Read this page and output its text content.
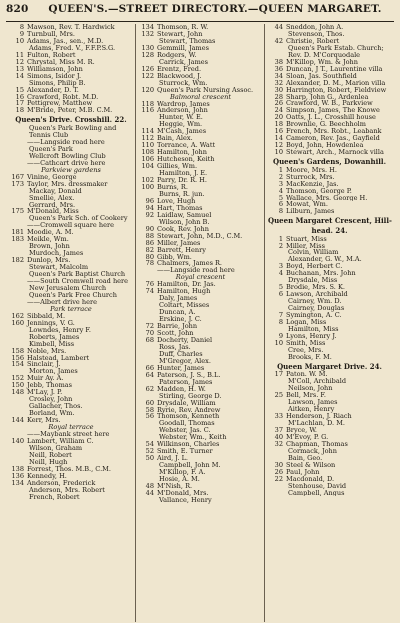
820	QUEEN'S.—STREET DIRECTORY.—QUEEN MARGARET.
8 Mawson, Rev. T. Hardwick
9 Turnbull, Mrs.
10 Adams, Jas., sen., M.D.
Adams, Fred. V., F.F.P.S.G.
11 Fulton, Robert
12 Chrystal, Miss M. R.
13 Williamson, John
14 Simons, Isidor J.
Simons, Philip B.
15 Alexander, D. T.
16 Crawford, Robt. M.D.
17 Pettigrew, Matthew
18 M'Bride, Peter, M.B. C.M.
Queen's Drive. Crosshill. 22.
Queen's Park Bowling and
Tennis Club
——Langside road here
Queen's Park
Wellcroft Bowling Club
——Cathcart drive here
Parkview gardens
167 Vinine, George
173 Taylor, Mrs. dressmaker
Mackay, Donald
Smellie, Alex.
Gerrard, Mrs.
175 M'Donald, Miss
Queen's Park Sch. of Cookery
——Cromwell square here
181 Moodie, A. M.
183 Meikle, Wm.
Brown, John
Murdoch, James
182 Dunlop, Mrs.
Stewart, Malcolm
Queen's Park Baptist Church
——South Cromwell road here
New Jerusalem Church
Queen's Park Free Church
——Albert drive here
Park terrace
162 Sibbald, M.
160 Jennings, V. G.
Lowndes, Henry F.
Roberts, James
Kimbell, Miss
158 Noble, Mrs.
156 Halstead, Lambert
154 Sinclair, J.
Morton, James
152 Muir Ay. A.
150 Jebb, Thomas
148 M'Lay, J. P.
Crosley, John
Gallacher, Thos.
Borland, Wm.
144 Kerr, Mrs.
Royal terrace
——Maybank street here
140 Lambert, William C.
Wilson, Graham
Neill, Robert
Neill, Hugh
138 Forrest, Thos. M.B., C.M.
136 Kennedy, H.
134 Anderson, Frederick
Anderson, Mrs. Robert
French, Robert
134 Thomson, R. W.
132 Stewart, John
Stewart, Thomas
130 Gemmill, James
128 Rodgers, W.
Carrick, James
126 Erentz, Fred.
122 Blackwood, J.
Sturrock, Wm.
120 Queen's Park Nursing Assoc.
Balmoral crescent
118 Wardrop, James
116 Anderson, John
Hunter, W. E.
Heggie, Wm.
114 M'Cash, James
112 Bain, Alex.
110 Torrance, A. Watt
108 Hamilton, John
106 Hutcheson, Keith
104 Gillies, Wm.
Hamilton, J. E.
102 Parry, Dr. R. H.
100 Burns, R.
Burns, R. jun.
96 Love, Hugh
94 Hart, Thomas
92 Laidlaw, Samuel
Wilson, John B.
90 Cook, Rev. John
88 Stewart, John, M.D., C.M.
86 Miller, James
82 Barrett, Henry
80 Gibb, Wm.
78 Chalmers, James R.
——Langside road here
Royal crescent
76 Hamilton, Dr. Jas.
74 Hamilton, Hugh
Daly, James
Coltart, Misses
Duncan, A.
Erskine, J. C.
72 Barrie, John
70 Scott, John
68 Docherty, Daniel
Ross, Jas.
Duff, Charles
M'Gregor, Alex.
66 Hunter, James
64 Paterson, J. S., B.L.
Paterson, James
62 Madden, H. W.
Stirling, George D.
60 Drysdale, William
58 Ryrie, Rev. Andrew
56 Thomson, Kenneth
Goodall, Thomas
Webster, Jas. C.
Webster, Wm., Keith
54 Wilkinson, Charles
52 Smith, E. Turner
50 Aird, J. L.
Campbell, John M.
M'Killop, F. A.
Hosie, A. M.
48 M'Nish, R.
44 M'Donald, Mrs.
Vallance, Henry
44 Sneddon, John A.
Stevenson, Thos.
42 Christie, Robert
Queen's Park Estab. Church;
Rev. D. M'Corquodale
38 M'Killop, Wm. & John
36 Duncan, J T., Laurentine villa
34 Sloan, Jas. Southfield
32 Alexander, D. M., Marion villa
30 Harrington, Robert, Fieldview
28 Sharp, John G., Ardenlea
26 Crawford, W. B., Parkview
24 Simpson, James, The Knowe
20 Oatts, J. L., Crosshill house
18 Brownlie, G. Beechholm
16 French, Mrs. Robt., Leabank
14 Cameron, Rev. Jas., Gayfield
12 Boyd, John, Howdenlea
10 Stewart, Arch., Marnock villa
Queen's Gardens, Dowanhill.
1 Moore, Mrs. H.
2 Sturrock, Mrs.
3 MacKenzie, Jas.
4 Thomson, George P.
5 Wallace, Mrs. George H.
6 Mowat, Wm.
8 Lilburn, James
Queen Margaret Crescent, Hill-
head. 24.
1 Stuart, Miss
2 Miller, Miss
Colvin, William
Alexander, G. W., M.A.
3 Boyd, Herbert C.
4 Buchanan, Mrs. John
Drysdale, Miss
5 Brodie, Mrs. S. K.
6 Lawson, Archibald
Cairney, Wm. D.
Cairney, Douglas
7 Symington, A. C.
8 Logan, Miss
Hamilton, Miss
9 Lyons, Henry J.
10 Smith, Miss
Cree, Mrs.
Brooks, F. M.
Queen Margaret Drive. 24.
17 Paton. W. M.
M'Coll, Archibald
Neilson, John
25 Bell, Mrs. F.
Lawson, James
Aitken, Henry
33 Henderson, J. Riach
M'Lachlan, D. M.
37 Bryce, W.
40 M'Evoy, P. G.
32 Chapman, Thomas
Cormack, John
Bain, Geo.
30 Steel & Wilson
26 Paul, John
22 Macdonald, D.
Stenhouse, David
Campbell, Angus
